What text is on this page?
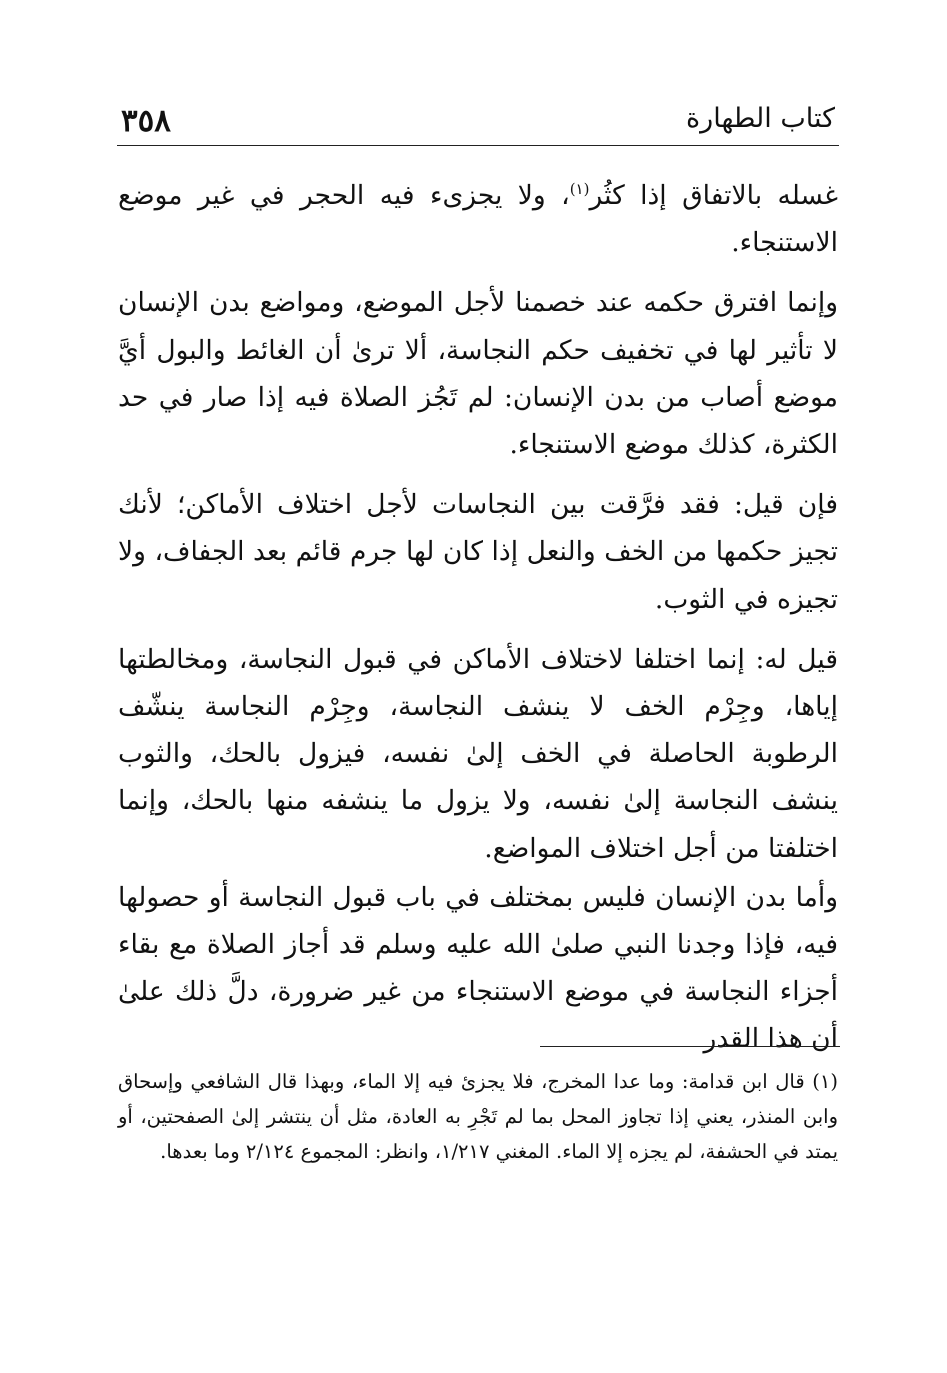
كتاب الطهارة
٣٥٨

غسله بالاتفاق إذا كثُر$^{(١)}$، ولا يجزىء فيه الحجر في غير موضع الاستنجاء.

وإنما افترق حكمه عند خصمنا لأجل الموضع، ومواضع بدن الإنسان لا تأثير لها في تخفيف حكم النجاسة، ألا ترىٰ أن الغائط والبول أيَّ موضع أصاب من بدن الإنسان: لم تَجُز الصلاة فيه إذا صار في حد الكثرة، كذلك موضع الاستنجاء.

فإن قيل: فقد فرَّقت بين النجاسات لأجل اختلاف الأماكن؛ لأنك تجيز حكمها من الخف والنعل إذا كان لها جرم قائم بعد الجفاف، ولا تجيزه في الثوب.

قيل له: إنما اختلفا لاختلاف الأماكن في قبول النجاسة، ومخالطتها إياها، وجِرْم الخف لا ينشف النجاسة، وجِرْم النجاسة ينشّف الرطوبة الحاصلة في الخف إلىٰ نفسه، فيزول بالحك، والثوب ينشف النجاسة إلىٰ نفسه، ولا يزول ما ينشفه منها بالحك، وإنما اختلفتا من أجل اختلاف المواضع.

وأما بدن الإنسان فليس بمختلف في باب قبول النجاسة أو حصولها فيه، فإذا وجدنا النبي صلىٰ الله عليه وسلم قد أجاز الصلاة مع بقاء أجزاء النجاسة في موضع الاستنجاء من غير ضرورة، دلَّ ذلك علىٰ أن هذا القدر

(١) قال ابن قدامة: وما عدا المخرج، فلا يجزئ فيه إلا الماء، وبهذا قال الشافعي وإسحاق وابن المنذر، يعني إذا تجاوز المحل بما لم تَجْرِ به العادة، مثل أن ينتشر إلىٰ الصفحتين، أو يمتد في الحشفة، لم يجزه إلا الماء. المغني ١/٢١٧، وانظر: المجموع ٢/١٢٤ وما بعدها.
